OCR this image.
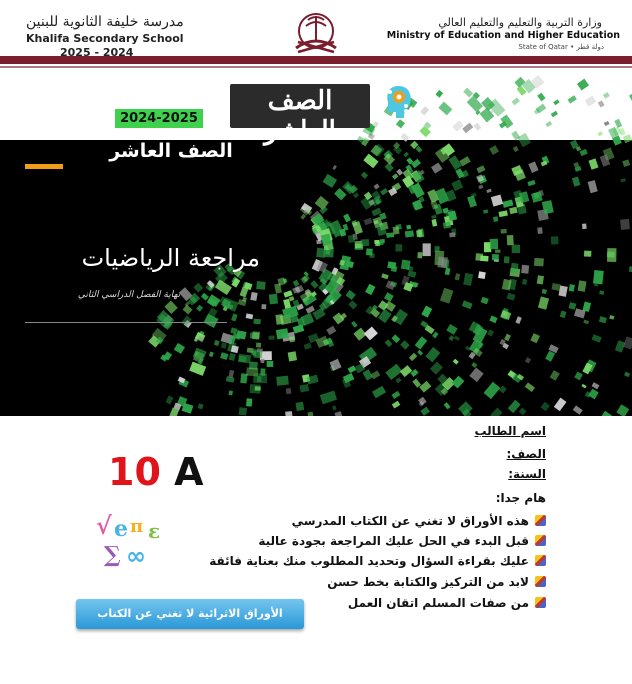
مدرسة خليفة الثانوية للبنين
Khalifa Secondary School
2025 - 2024
وزارة التربية والتعليم والتعليم العالي
Ministry of Education and Higher Education
State of Qatar • دولة قطر
الصف العاشر
مراجعة الرياضيات
نهاية الفصل الدراسي الثاني
الصف العاشر
2024-2025
اسم الطالب
الصف:
السنة:
هام جدا:
10 A
√ e π ε
∑ ∞
هذه الأوراق لا تغني عن الكتاب المدرسي
قبل البدء في الحل عليك المراجعة بجودة عالية
عليك بقراءة السؤال وتحديد المطلوب منك بعناية فائقة
لابد من التركيز والكتابة بخط حسن
من صفات المسلم اتقان العمل
الأوراق الاثرائية لا تغني عن الكتاب المدرسي
